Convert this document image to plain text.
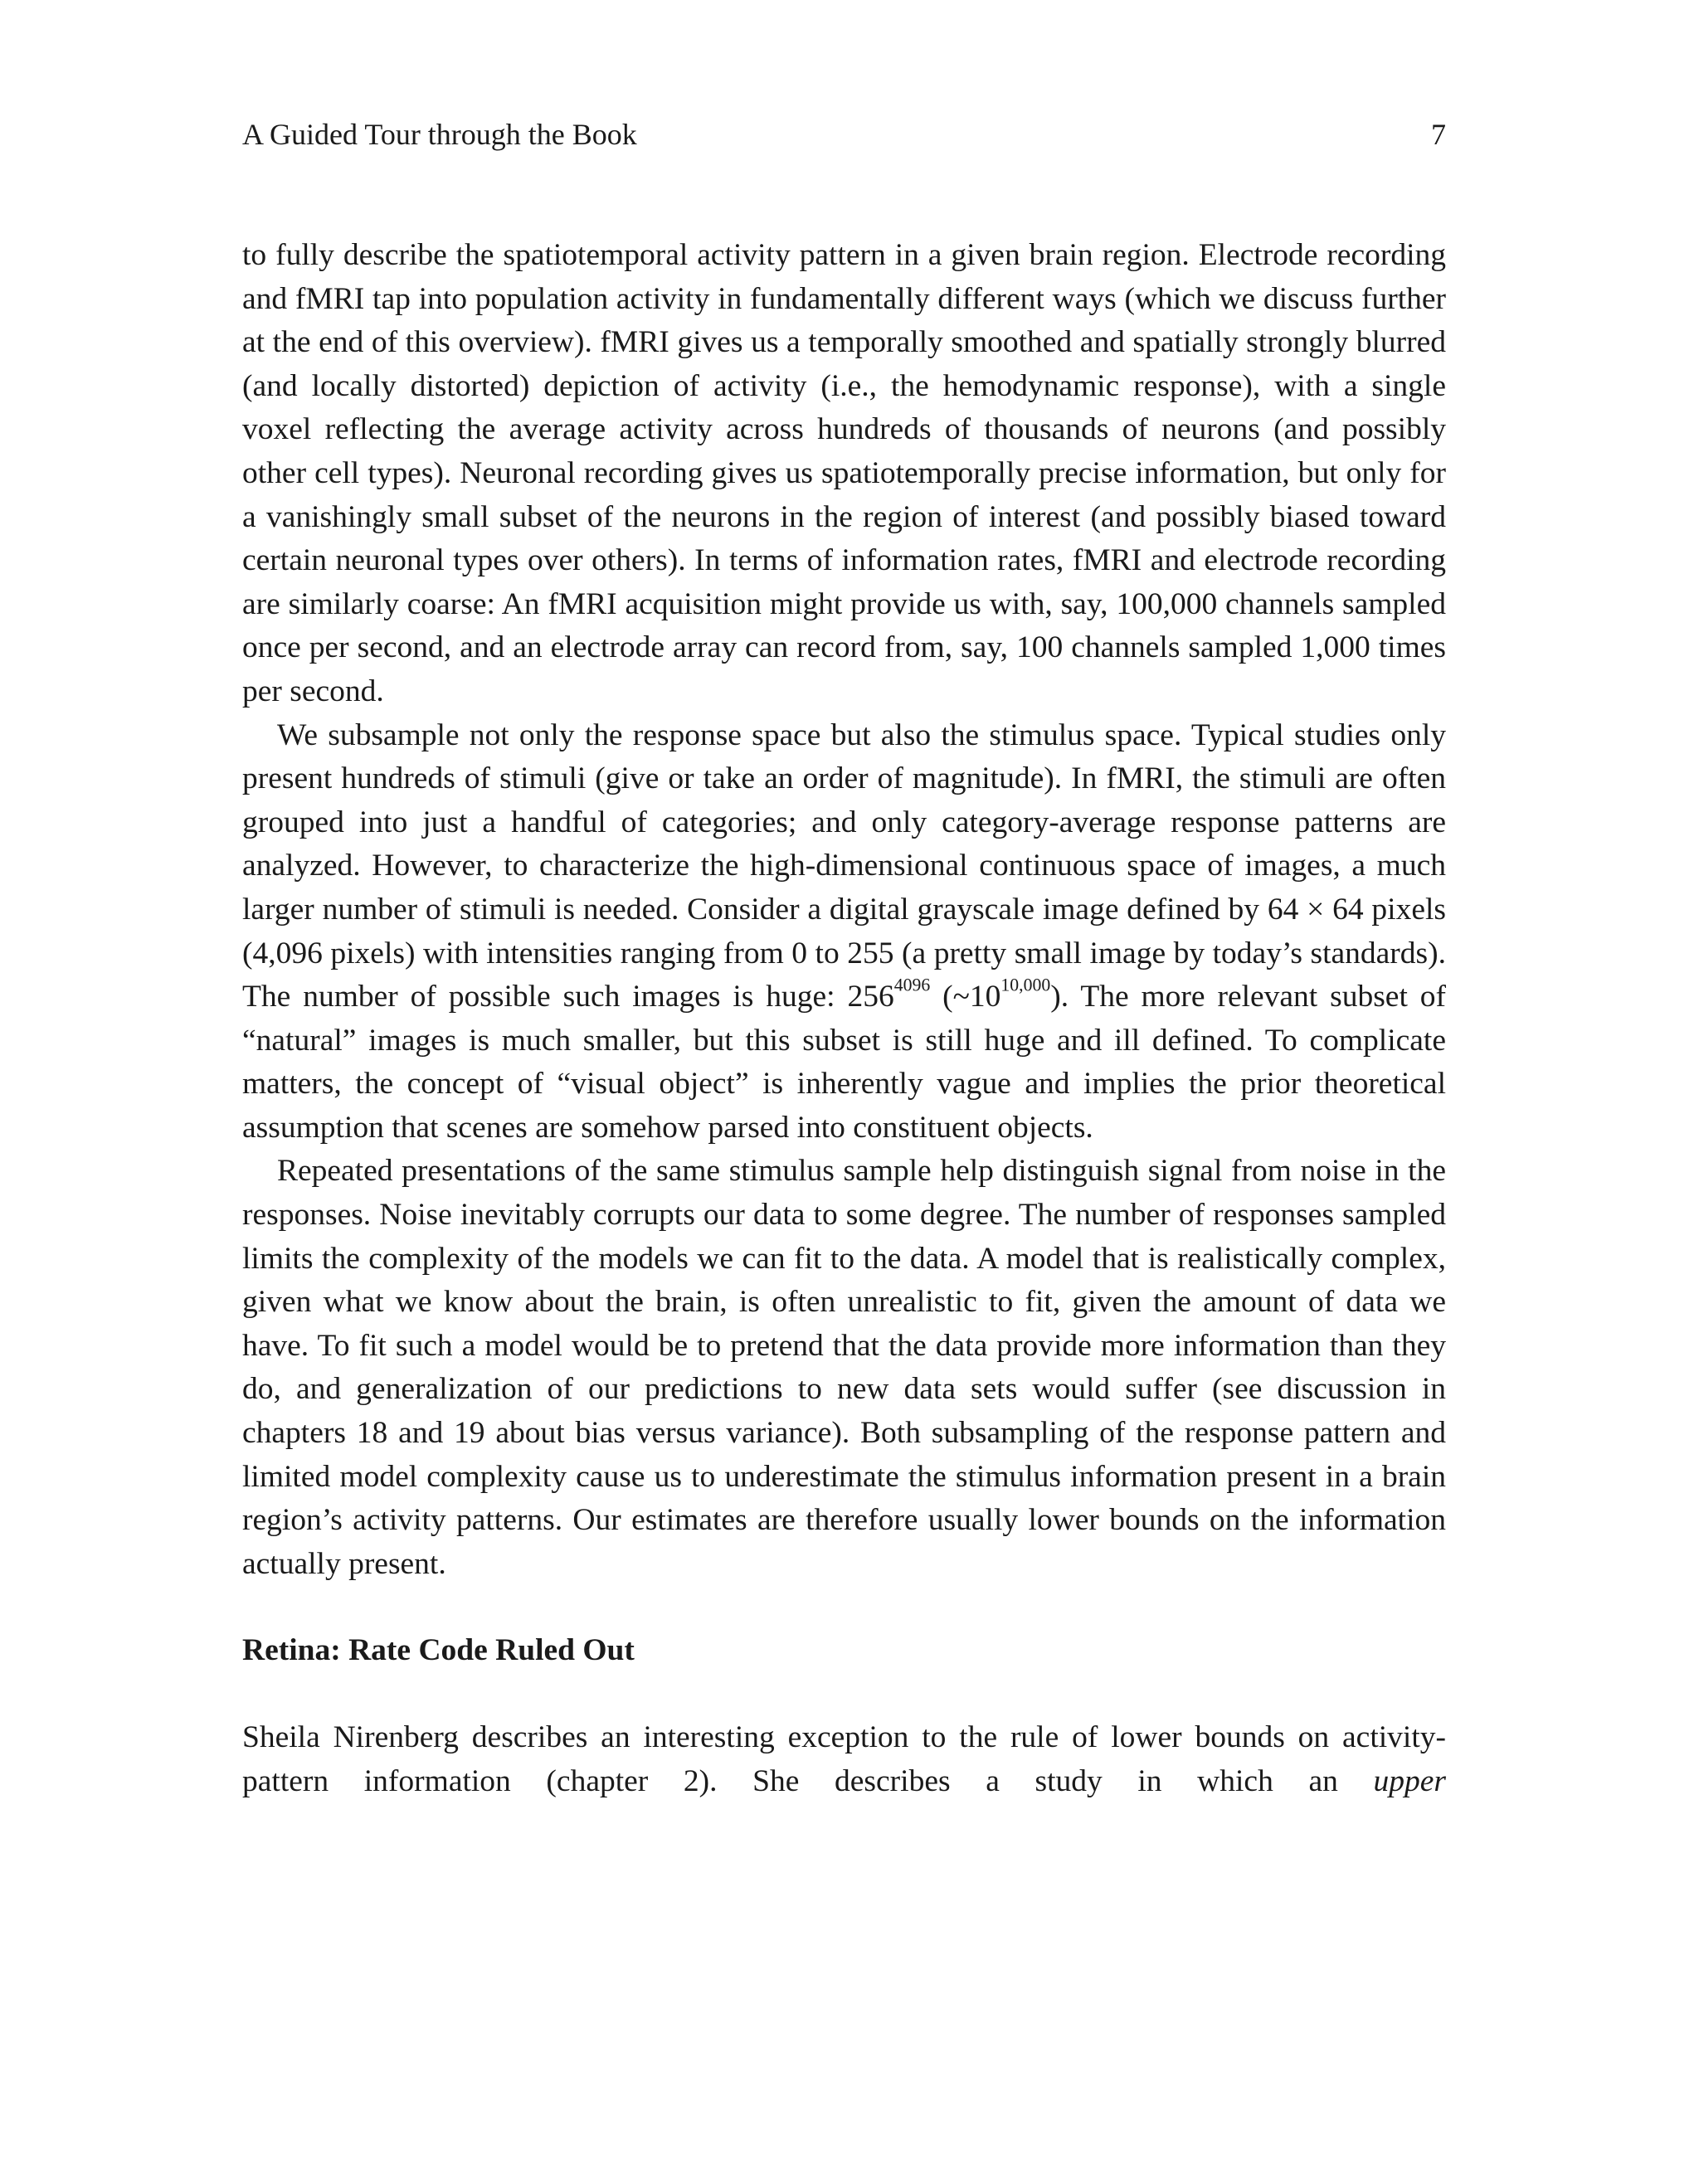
A Guided Tour through the Book	7

to fully describe the spatiotemporal activity pattern in a given brain region. Electrode recording and fMRI tap into population activity in fundamentally different ways (which we discuss further at the end of this overview). fMRI gives us a temporally smoothed and spatially strongly blurred (and locally distorted) depiction of activity (i.e., the hemodynamic response), with a single voxel reflecting the average activity across hundreds of thousands of neurons (and possibly other cell types). Neuronal recording gives us spatiotemporally precise information, but only for a vanishingly small subset of the neurons in the region of interest (and possibly biased toward certain neuronal types over others). In terms of information rates, fMRI and electrode recording are similarly coarse: An fMRI acquisition might provide us with, say, 100,000 channels sampled once per second, and an electrode array can record from, say, 100 channels sampled 1,000 times per second.

We subsample not only the response space but also the stimulus space. Typical studies only present hundreds of stimuli (give or take an order of magnitude). In fMRI, the stimuli are often grouped into just a handful of categories; and only category-average response patterns are analyzed. However, to characterize the high-dimensional continuous space of images, a much larger number of stimuli is needed. Consider a digital grayscale image defined by 64 × 64 pixels (4,096 pixels) with intensities ranging from 0 to 255 (a pretty small image by today’s standards). The number of possible such images is huge: $256^{4096}$ (~10$^{10,000}$). The more relevant subset of “natural” images is much smaller, but this subset is still huge and ill defined. To complicate matters, the concept of “visual object” is inherently vague and implies the prior theoretical assumption that scenes are somehow parsed into constituent objects.

Repeated presentations of the same stimulus sample help distinguish signal from noise in the responses. Noise inevitably corrupts our data to some degree. The number of responses sampled limits the complexity of the models we can fit to the data. A model that is realistically complex, given what we know about the brain, is often unrealistic to fit, given the amount of data we have. To fit such a model would be to pretend that the data provide more information than they do, and generalization of our predictions to new data sets would suffer (see discussion in chapters 18 and 19 about bias versus variance). Both subsampling of the response pattern and limited model complexity cause us to underestimate the stimulus information present in a brain region’s activity patterns. Our estimates are therefore usually lower bounds on the information actually present.

Retina: Rate Code Ruled Out

Sheila Nirenberg describes an interesting exception to the rule of lower bounds on activity-pattern information (chapter 2). She describes a study in which an upper
